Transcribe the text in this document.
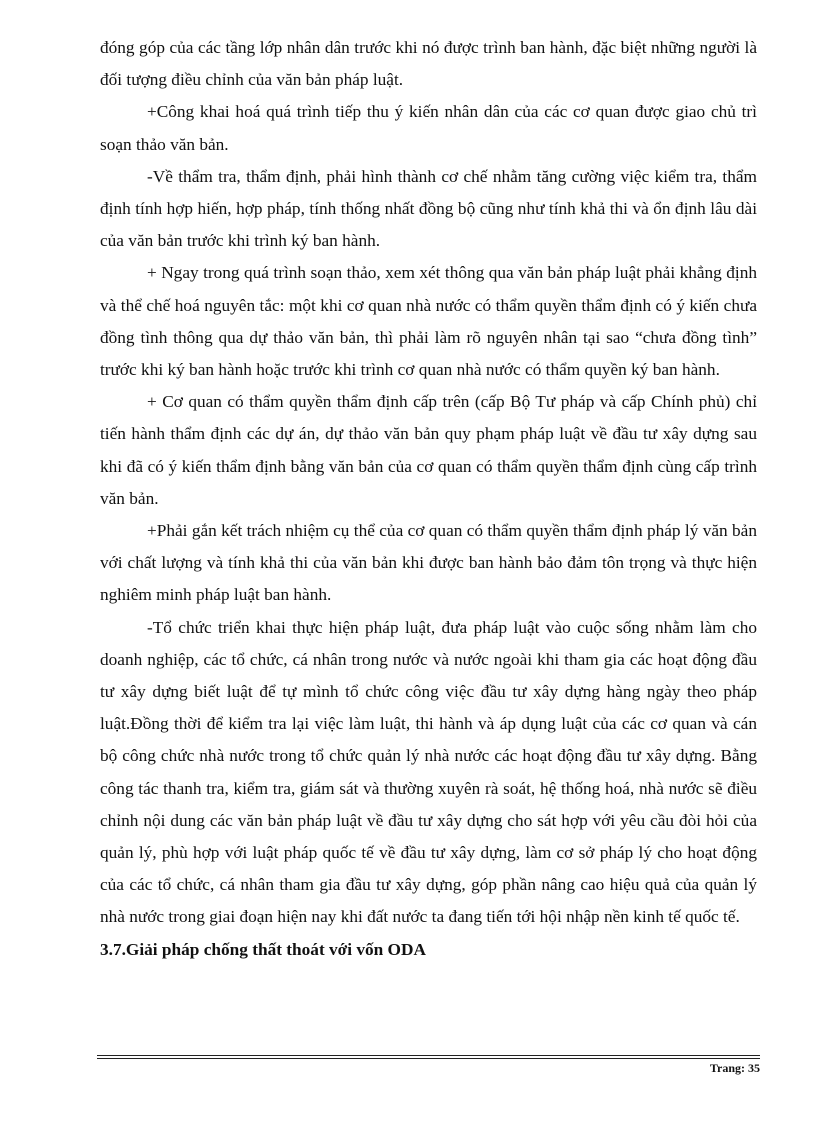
đóng góp của các tầng lớp nhân dân trước khi nó được trình ban hành, đặc biệt những người là đối tượng điều chỉnh của văn bản pháp luật.

+Công khai hoá quá trình tiếp thu ý kiến nhân dân của các cơ quan được giao chủ trì soạn thảo văn bản.

-Về thẩm tra, thẩm định, phải hình thành cơ chế nhằm tăng cường việc kiểm tra, thẩm định tính hợp hiến, hợp pháp, tính thống nhất đồng bộ cũng như tính khả thi và ổn định lâu dài của văn bản trước khi trình ký ban hành.

+ Ngay trong quá trình soạn thảo, xem xét thông qua văn bản pháp luật phải khẳng định và thể chế hoá nguyên tắc: một khi cơ quan nhà nước có thẩm quyền thẩm định có ý kiến chưa đồng tình thông qua dự thảo văn bản, thì phải làm rõ nguyên nhân tại sao “chưa đồng tình” trước khi ký ban hành hoặc trước khi trình cơ quan nhà nước có thẩm quyền ký ban hành.

+ Cơ quan có thẩm quyền thẩm định cấp trên (cấp Bộ Tư pháp và cấp Chính phủ) chỉ tiến hành thẩm định các dự án, dự thảo văn bản quy phạm pháp luật về đầu tư xây dựng sau khi đã có ý kiến thẩm định bằng văn bản của cơ quan có thẩm quyền thẩm định cùng cấp trình văn bản.

+Phải gắn kết trách nhiệm cụ thể của cơ quan có thẩm quyền thẩm định pháp lý văn bản với chất lượng và tính khả thi của văn bản khi được ban hành bảo đảm tôn trọng và thực hiện nghiêm minh pháp luật ban hành.

-Tổ chức triển khai thực hiện pháp luật, đưa pháp luật vào cuộc sống nhằm làm cho doanh nghiệp, các tổ chức, cá nhân trong nước và nước ngoài khi tham gia các hoạt động đầu tư xây dựng biết luật để tự mình tổ chức công việc đầu tư xây dựng hàng ngày theo pháp luật.Đồng thời để kiểm tra lại việc làm luật, thi hành và áp dụng luật của các cơ quan và cán bộ công chức nhà nước trong tổ chức quản lý nhà nước các hoạt động đầu tư xây dựng. Bằng công tác thanh tra, kiểm tra, giám sát và thường xuyên rà soát, hệ thống hoá, nhà nước sẽ điều chỉnh nội dung các văn bản pháp luật về đầu tư xây dựng cho sát hợp với yêu cầu đòi hỏi của quản lý, phù hợp với luật pháp quốc tế về đầu tư xây dựng, làm cơ sở pháp lý cho hoạt động của các tổ chức, cá nhân tham gia đầu tư xây dựng, góp phần nâng cao hiệu quả của quản lý nhà nước trong giai đoạn hiện nay khi đất nước ta đang tiến tới hội nhập nền kinh tế quốc tế.

3.7.Giải pháp chống thất thoát với vốn ODA

Trang: 35
